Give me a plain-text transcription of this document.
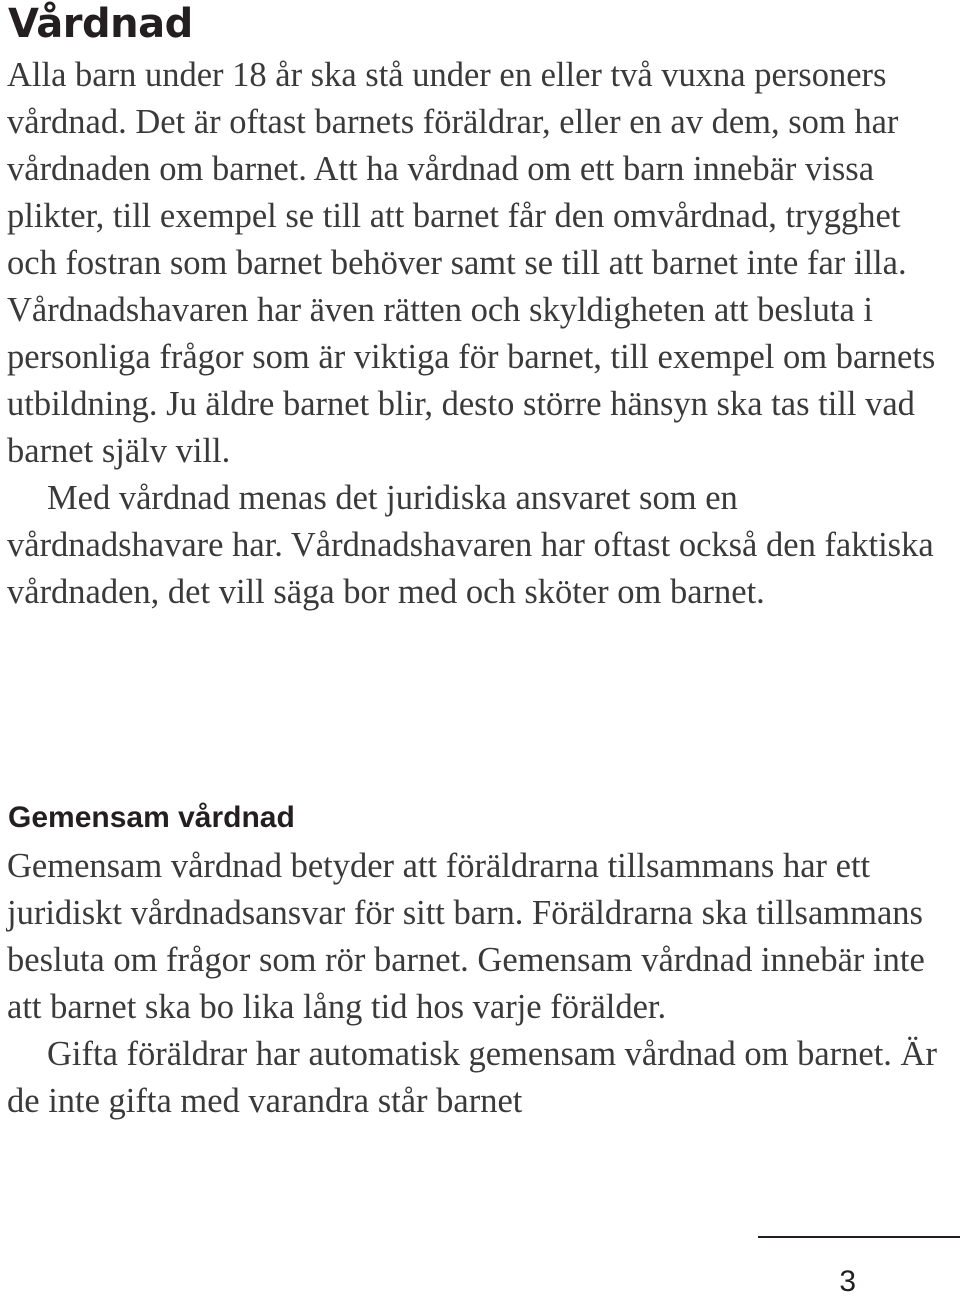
Vårdnad

Alla barn under 18 år ska stå under en eller två vuxna personers vårdnad. Det är oftast barnets föräldrar, eller en av dem, som har vårdnaden om barnet. Att ha vårdnad om ett barn innebär vissa plikter, till exempel se till att barnet får den omvårdnad, trygghet och fostran som barnet behöver samt se till att barnet inte far illa. Vårdnadshavaren har även rätten och skyldigheten att besluta i personliga frågor som är viktiga för barnet, till exempel om barnets utbildning. Ju äldre barnet blir, desto större hänsyn ska tas till vad barnet själv vill.

Med vårdnad menas det juridiska ansvaret som en vårdnadshavare har. Vårdnadshavaren har oftast också den faktiska vårdnaden, det vill säga bor med och sköter om barnet.

Gemensam vårdnad

Gemensam vårdnad betyder att föräldrarna tillsammans har ett juridiskt vårdnadsansvar för sitt barn. Föräldrarna ska tillsammans besluta om frågor som rör barnet. Gemensam vårdnad innebär inte att barnet ska bo lika lång tid hos varje förälder.

Gifta föräldrar har automatisk gemensam vårdnad om barnet. Är de inte gifta med varandra står barnet

3
